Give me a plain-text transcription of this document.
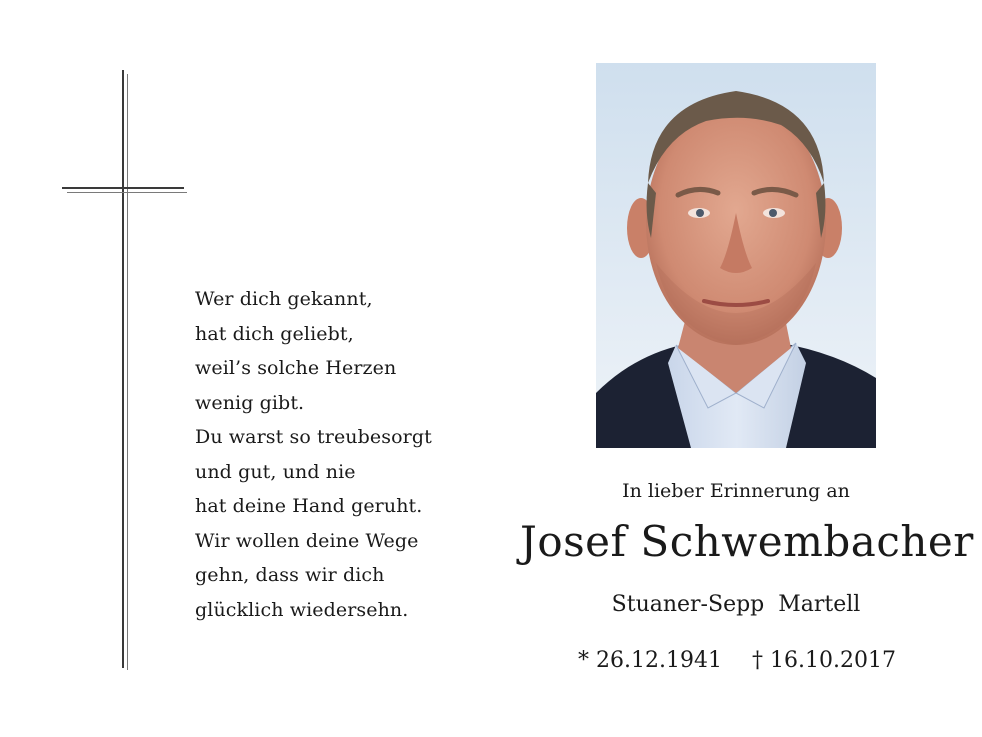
Wer dich gekannt,
hat dich geliebt,
weil’s solche Herzen
wenig gibt.
Du warst so treubesorgt
und gut, und nie
hat deine Hand geruht.
Wir wollen deine Wege
gehn, dass wir dich
glücklich wiedersehn.
In lieber Erinnerung an
Josef Schwembacher
Stuaner-Sepp  Martell
* 26.12.1941 † 16.10.2017
